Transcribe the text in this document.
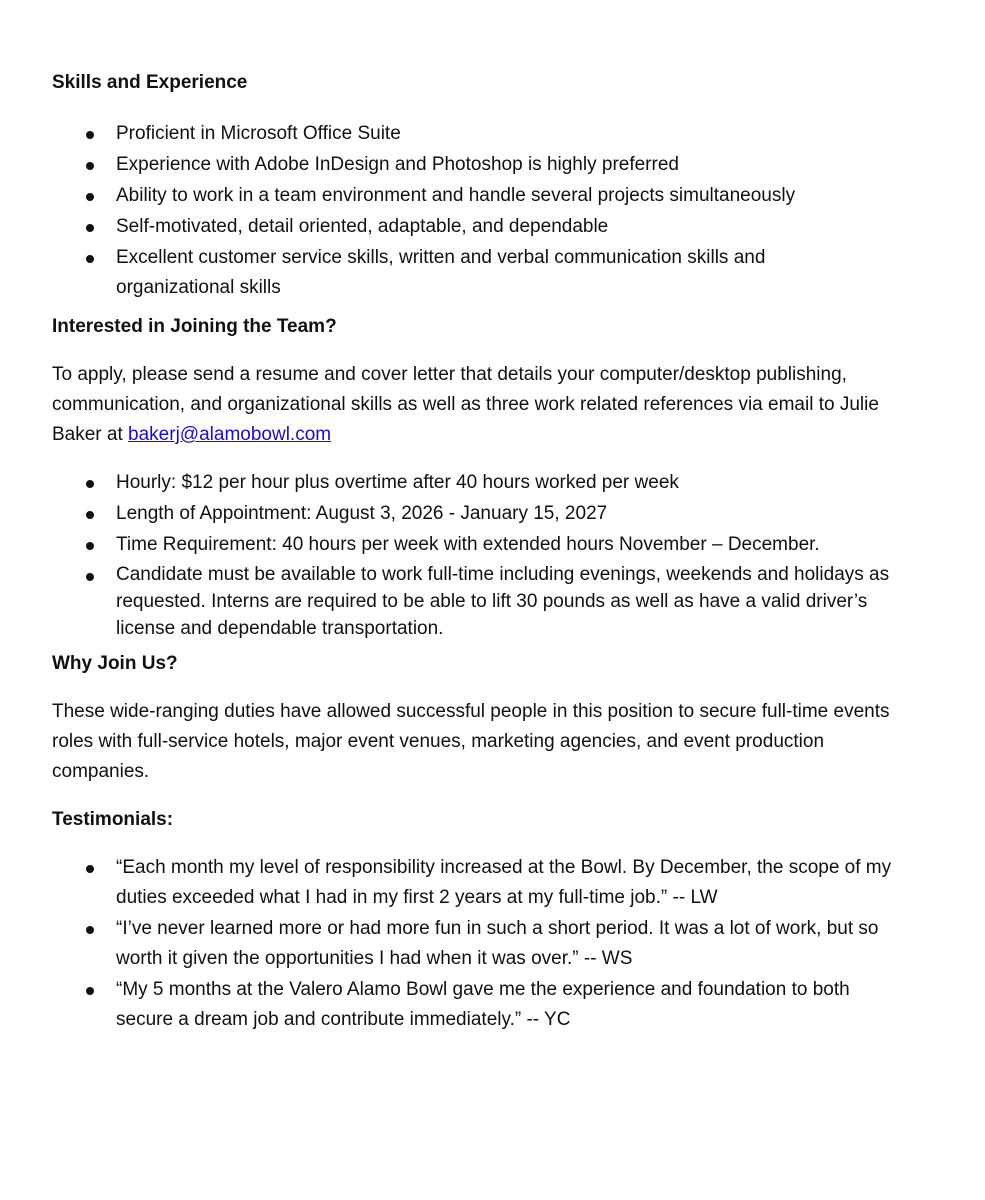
Skills and Experience

Proficient in Microsoft Office Suite
Experience with Adobe InDesign and Photoshop is highly preferred
Ability to work in a team environment and handle several projects simultaneously
Self-motivated, detail oriented, adaptable, and dependable
Excellent customer service skills, written and verbal communication skills and organizational skills

Interested in Joining the Team?

To apply, please send a resume and cover letter that details your computer/desktop publishing, communication, and organizational skills as well as three work related references via email to Julie Baker at bakerj@alamobowl.com

Hourly: $12 per hour plus overtime after 40 hours worked per week
Length of Appointment: August 3, 2026 - January 15, 2027
Time Requirement: 40 hours per week with extended hours November – December.
Candidate must be available to work full-time including evenings, weekends and holidays as requested. Interns are required to be able to lift 30 pounds as well as have a valid driver’s license and dependable transportation.

Why Join Us?

These wide-ranging duties have allowed successful people in this position to secure full-time events roles with full-service hotels, major event venues, marketing agencies, and event production companies.

Testimonials:

“Each month my level of responsibility increased at the Bowl. By December, the scope of my duties exceeded what I had in my first 2 years at my full-time job.” -- LW
“I’ve never learned more or had more fun in such a short period. It was a lot of work, but so worth it given the opportunities I had when it was over.” -- WS
“My 5 months at the Valero Alamo Bowl gave me the experience and foundation to both secure a dream job and contribute immediately.” -- YC
